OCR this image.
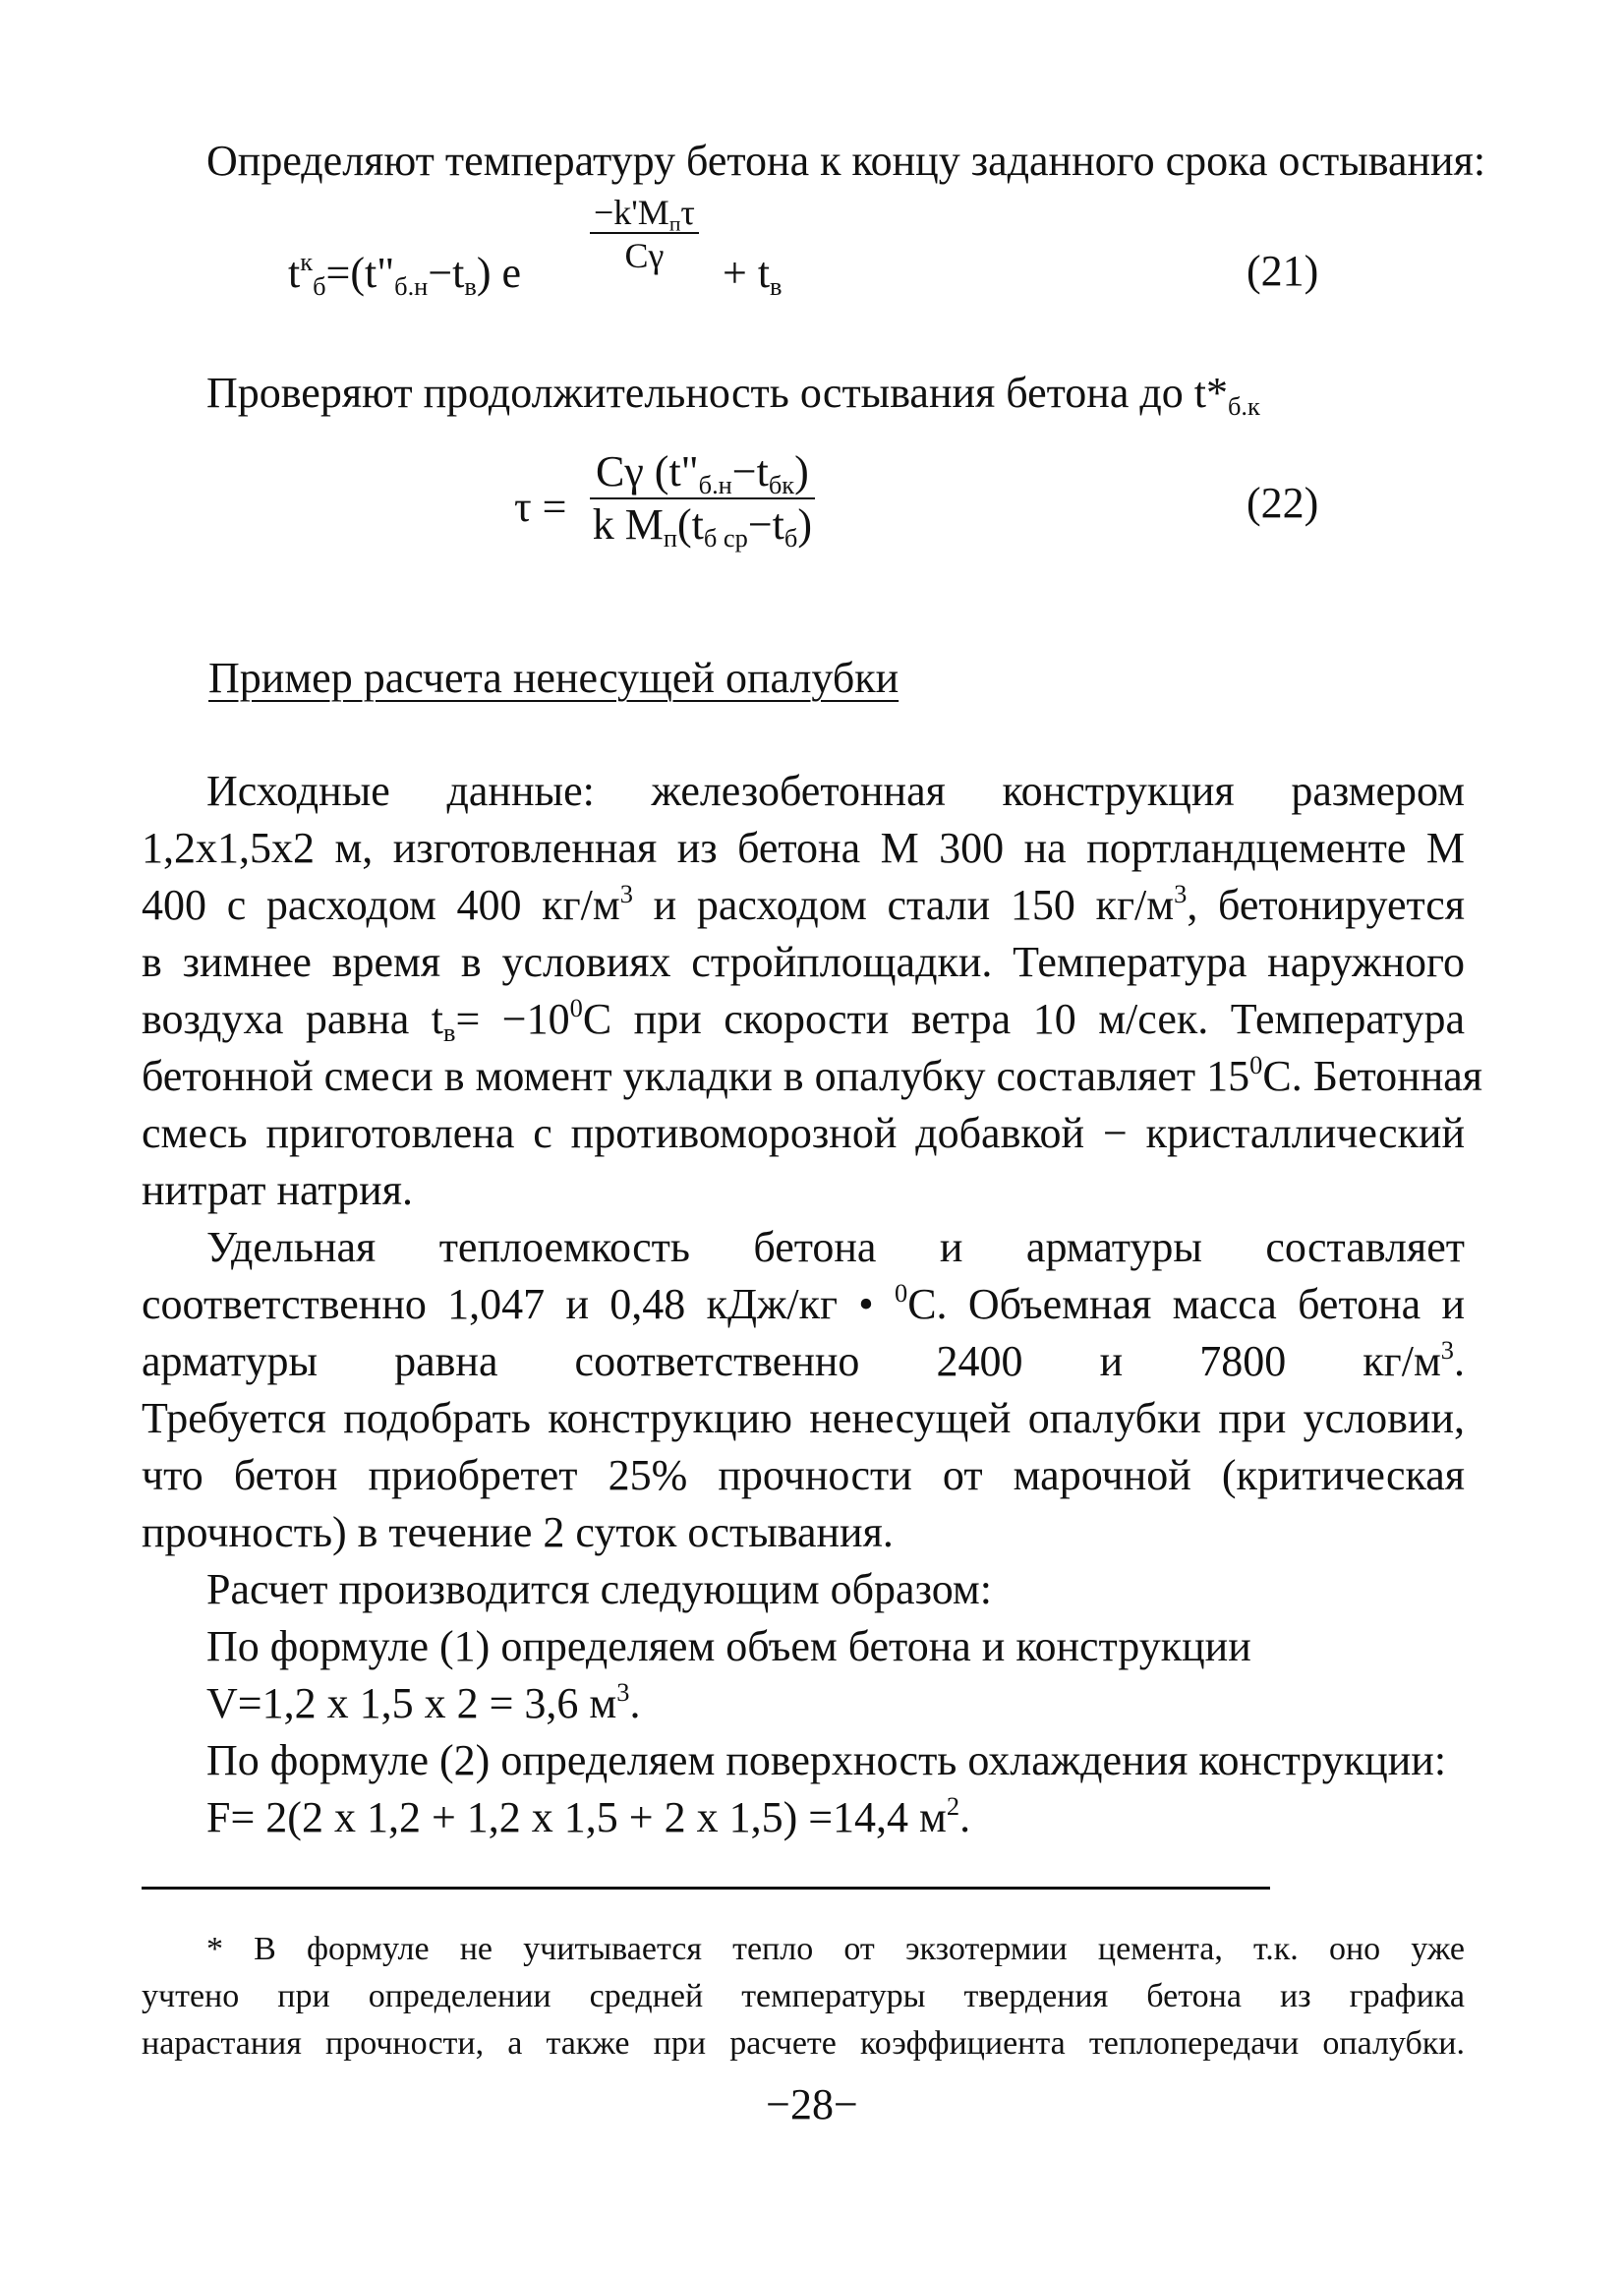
Определяют температуру бетона к концу заданного срока остывания:
$t^к_б=(t"_{б.н}-t_в)$ e
$-k'M_п\tau$
Cγ	+ $t_в$	(21)
Проверяют продолжительность остывания бетона до $t*_{б.к}$
$\tau = \frac{C\gamma (t"_{б.н}-t_{бк})}{k M_п(t_{б ср}-t_б)}$	(22)
Пример расчета ненесущей опалубки
Исходные данные: железобетонная конструкция размером
1,2х1,5х2 м, изготовленная из бетона М 300 на портландцементе М
400 с расходом 400 $кг/м^3$ и расходом стали 150 $кг/м^3$, бетонируется
в зимнее время в условиях стройплощадки. Температура наружного
воздуха равна $t_в= -10^0С$ при скорости ветра 10 м/сек. Температура
бетонной смеси в момент укладки в опалубку составляет $15^0С$. Бетонная
смесь приготовлена с противоморозной добавкой − кристаллический
нитрат натрия.
Удельная теплоемкость бетона и арматуры составляет
соответственно 1,047 и 0,48 кДж/кг • $^0$С. Объемная масса бетона и
арматуры равна соответственно 2400 и 7800 $кг/м^3$.
Требуется подобрать конструкцию ненесущей опалубки при условии,
что бетон приобретет 25% прочности от марочной (критическая
прочность) в течение 2 суток остывания.
Расчет производится следующим образом:
По формуле (1) определяем объем бетона и конструкции
V=1,2 х 1,5 х 2 = 3,6 $м^3$.
По формуле (2) определяем поверхность охлаждения конструкции:
F= 2(2 х 1,2 + 1,2 х 1,5 + 2 х 1,5) =14,4 $м^2$.
* В формуле не учитывается тепло от экзотермии цемента, т.к. оно уже
учтено при определении средней температуры твердения бетона из графика
нарастания прочности, а также при расчете коэффициента теплопередачи опалубки.
−28−
